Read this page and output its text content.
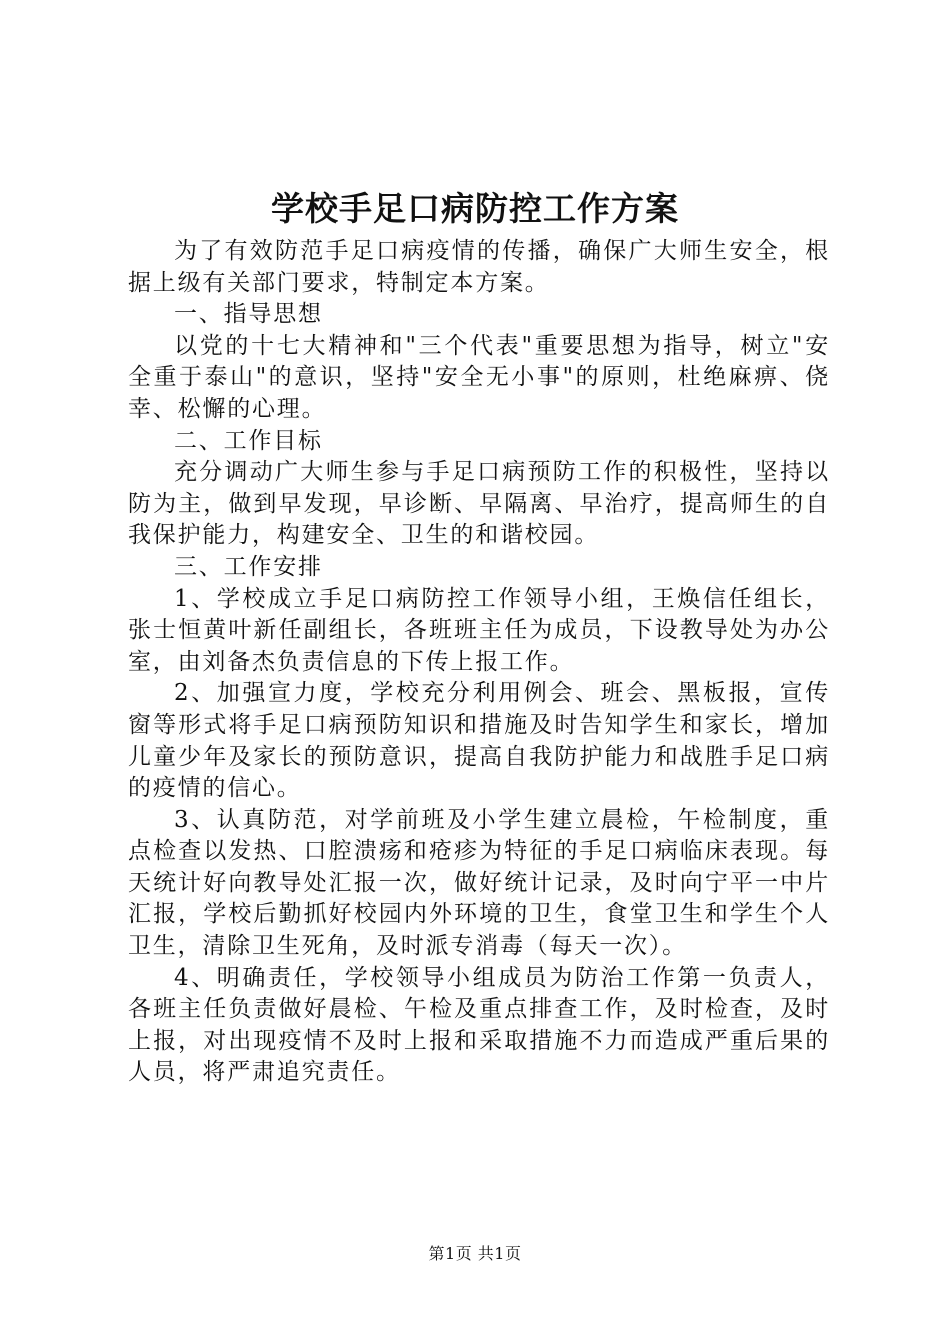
学校手足口病防控工作方案

为了有效防范手足口病疫情的传播，确保广大师生安全，根据上级有关部门要求，特制定本方案。

一、指导思想

以党的十七大精神和"三个代表"重要思想为指导，树立"安全重于泰山"的意识，坚持"安全无小事"的原则，杜绝麻痹、侥幸、松懈的心理。

二、工作目标

充分调动广大师生参与手足口病预防工作的积极性，坚持以防为主，做到早发现，早诊断、早隔离、早治疗，提高师生的自我保护能力，构建安全、卫生的和谐校园。

三、工作安排

1、学校成立手足口病防控工作领导小组，王焕信任组长，张士恒黄叶新任副组长，各班班主任为成员，下设教导处为办公室，由刘备杰负责信息的下传上报工作。

2、加强宣力度，学校充分利用例会、班会、黑板报，宣传窗等形式将手足口病预防知识和措施及时告知学生和家长，增加儿童少年及家长的预防意识，提高自我防护能力和战胜手足口病的疫情的信心。

3、认真防范，对学前班及小学生建立晨检，午检制度，重点检查以发热、口腔溃疡和疮疹为特征的手足口病临床表现。每天统计好向教导处汇报一次，做好统计记录，及时向宁平一中片汇报，学校后勤抓好校园内外环境的卫生，食堂卫生和学生个人卫生，清除卫生死角，及时派专消毒（每天一次）。

4、明确责任，学校领导小组成员为防治工作第一负责人，各班主任负责做好晨检、午检及重点排查工作，及时检查，及时上报，对出现疫情不及时上报和采取措施不力而造成严重后果的人员，将严肃追究责任。

第1页 共1页
